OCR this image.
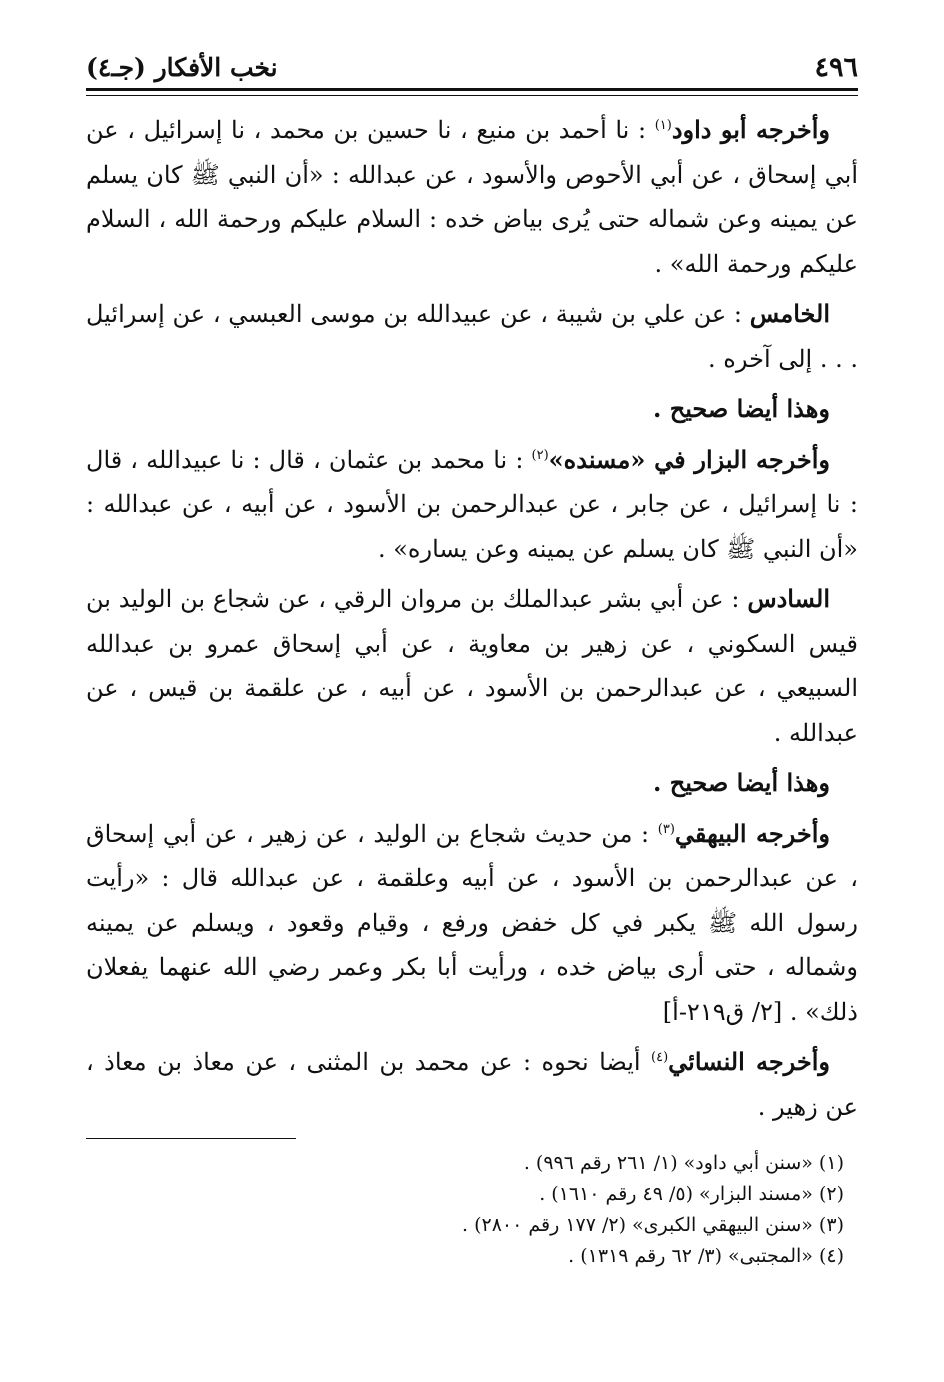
نخب الأفكار (جـ٤)	٤٩٦

وأخرجه أبو داود$^{(١)}$ : نا أحمد بن منيع ، نا حسين بن محمد ، نا إسرائيل ، عن أبي إسحاق ، عن أبي الأحوص والأسود ، عن عبدالله : «أن النبي ﷺ كان يسلم عن يمينه وعن شماله حتى يُرى بياض خده : السلام عليكم ورحمة الله ، السلام عليكم ورحمة الله» .

الخامس : عن علي بن شيبة ، عن عبيدالله بن موسى العبسي ، عن إسرائيل . . . إلى آخره .

وهذا أيضا صحيح .

وأخرجه البزار في «مسنده»$^{(٢)}$ : نا محمد بن عثمان ، قال : نا عبيدالله ، قال : نا إسرائيل ، عن جابر ، عن عبدالرحمن بن الأسود ، عن أبيه ، عن عبدالله : «أن النبي ﷺ كان يسلم عن يمينه وعن يساره» .

السادس : عن أبي بشر عبدالملك بن مروان الرقي ، عن شجاع بن الوليد بن قيس السكوني ، عن زهير بن معاوية ، عن أبي إسحاق عمرو بن عبدالله السبيعي ، عن عبدالرحمن بن الأسود ، عن أبيه ، عن علقمة بن قيس ، عن عبدالله .

وهذا أيضا صحيح .

وأخرجه البيهقي$^{(٣)}$ : من حديث شجاع بن الوليد ، عن زهير ، عن أبي إسحاق ، عن عبدالرحمن بن الأسود ، عن أبيه وعلقمة ، عن عبدالله قال : «رأيت رسول الله ﷺ يكبر في كل خفض ورفع ، وقيام وقعود ، ويسلم عن يمينه وشماله ، حتى أرى بياض خده ، ورأيت أبا بكر وعمر رضي الله عنهما يفعلان ذلك» . [٢/ ق٢١٩-أ]

وأخرجه النسائي$^{(٤)}$ أيضا نحوه : عن محمد بن المثنى ، عن معاذ بن معاذ ، عن زهير .

(١) «سنن أبي داود» (١/ ٢٦١ رقم ٩٩٦) .
(٢) «مسند البزار» (٥/ ٤٩ رقم ١٦١٠) .
(٣) «سنن البيهقي الكبرى» (٢/ ١٧٧ رقم ٢٨٠٠) .
(٤) «المجتبى» (٣/ ٦٢ رقم ١٣١٩) .
